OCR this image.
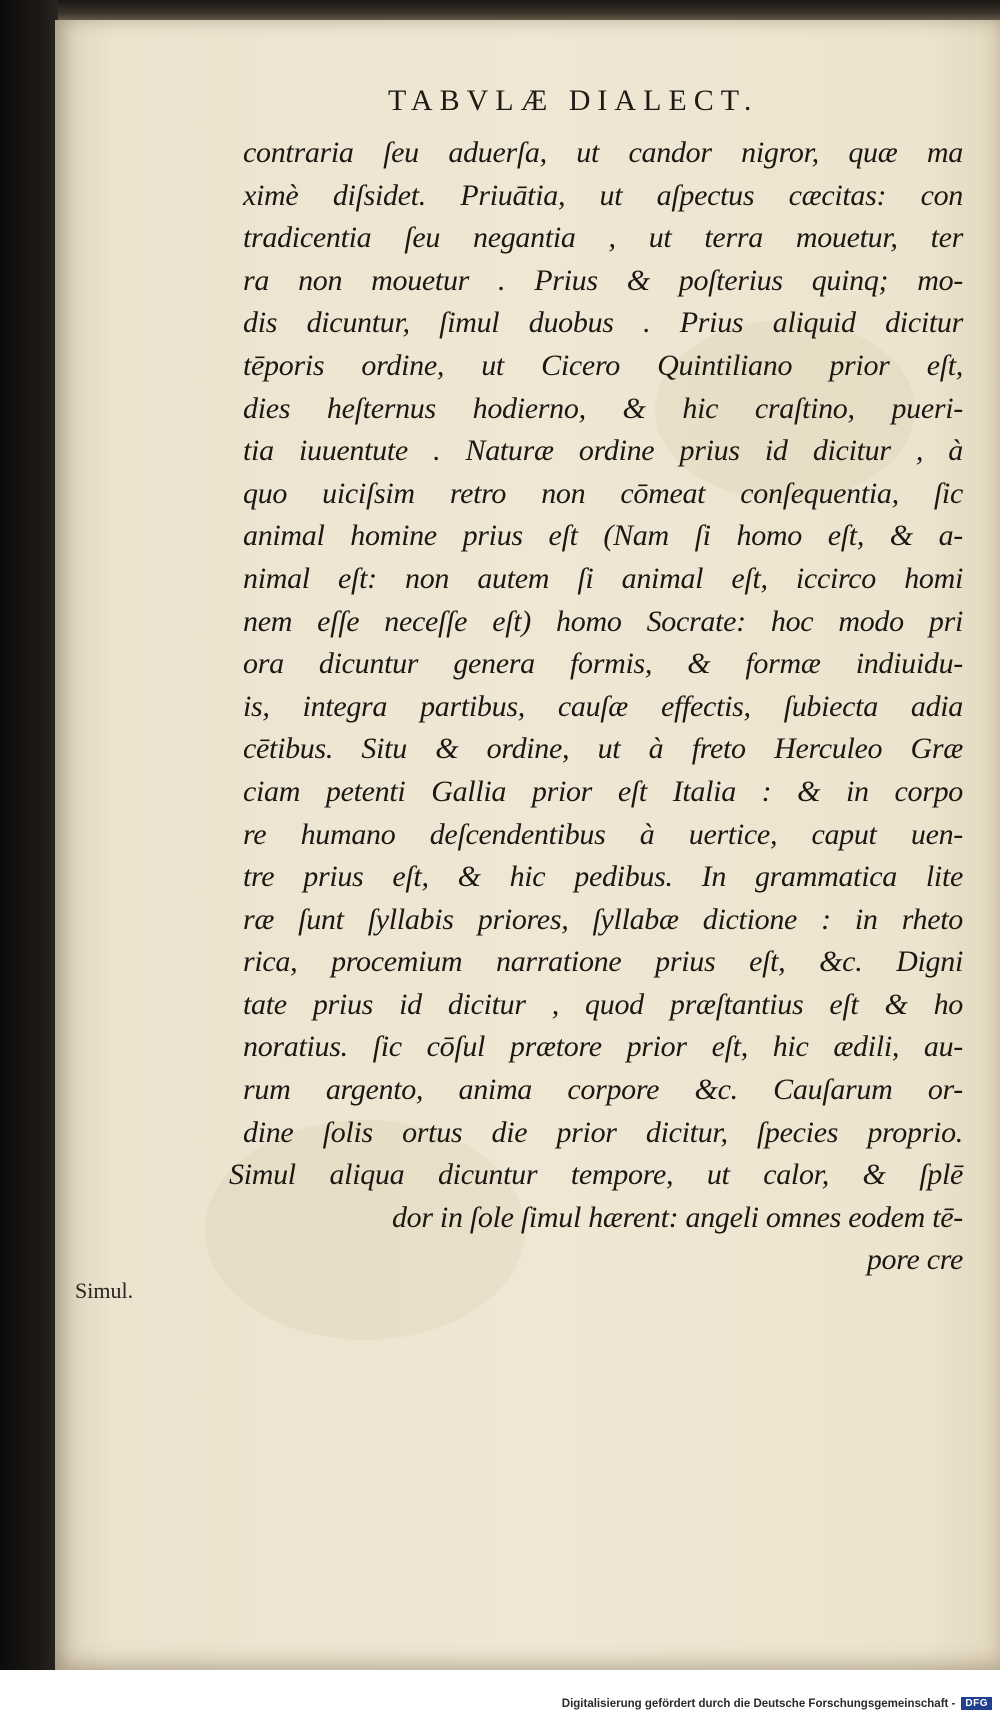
TABVLÆ DIALECT.
Simul.
contraria ſeu aduerſa, ut candor nigror, quæ ma
ximè diſsidet. Priuātia, ut aſpectus cæcitas: con
tradicentia ſeu negantia , ut terra mouetur, ter
ra non mouetur . Prius & poſterius quinq; mo-
dis dicuntur, ſimul duobus . Prius aliquid dicitur
tēporis ordine, ut Cicero Quintiliano prior eſt,
dies heſternus hodierno, & hic craſtino, pueri-
tia iuuentute . Naturæ ordine prius id dicitur , à
quo uiciſsim retro non cōmeat conſequentia, ſic
animal homine prius eſt (Nam ſi homo eſt, & a-
nimal eſt: non autem ſi animal eſt, iccirco homi
nem eſſe neceſſe eſt) homo Socrate: hoc modo pri
ora dicuntur genera formis, & formæ indiuidu-
is, integra partibus, cauſæ effectis, ſubiecta adia
cētibus. Situ & ordine, ut à freto Herculeo Græ
ciam petenti Gallia prior eſt Italia : & in corpo
re humano deſcendentibus à uertice, caput uen-
tre prius eſt, & hic pedibus. In grammatica lite
ræ ſunt ſyllabis priores, ſyllabæ dictione : in rheto
rica, procemium narratione prius eſt, &c. Digni
tate prius id dicitur , quod præſtantius eſt & ho
noratius. ſic cōſul prætore prior eſt, hic ædili, au-
rum argento, anima corpore &c. Cauſarum or-
dine ſolis ortus die prior dicitur, ſpecies proprio.
Simul aliqua dicuntur tempore, ut calor, & ſplē
dor in ſole ſimul hærent: angeli omnes eodem tē-
pore cre
Digitalisierung gefördert durch die Deutsche Forschungsgemeinschaft -	DFG
